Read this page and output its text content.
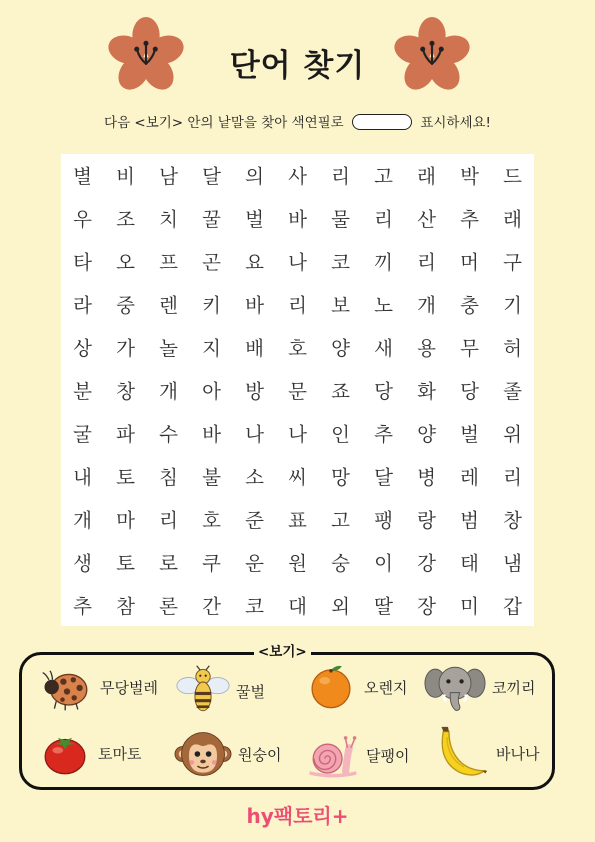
단어 찾기
다음 <보기> 안의 낱말을 찾아 색연필로	표시하세요!
별	비	남	달	의	사	리	고	래	박	드
우	조	치	꿀	벌	바	물	리	산	추	래
타	오	프	곤	요	나	코	끼	리	머	구
라	중	렌	키	바	리	보	노	개	충	기
상	가	놀	지	배	호	양	새	용	무	허
분	창	개	아	방	문	죠	당	화	당	졸
굴	파	수	바	나	나	인	추	양	벌	위
내	토	침	불	소	씨	망	달	병	레	리
개	마	리	호	준	표	고	팽	랑	범	창
생	토	로	쿠	운	원	숭	이	강	태	냄
추	참	론	간	코	대	외	딸	장	미	갑
<보기>
무당벌레	꿀벌	오렌지	코끼리
토마토	원숭이	달팽이	바나나
hy팩토리+
